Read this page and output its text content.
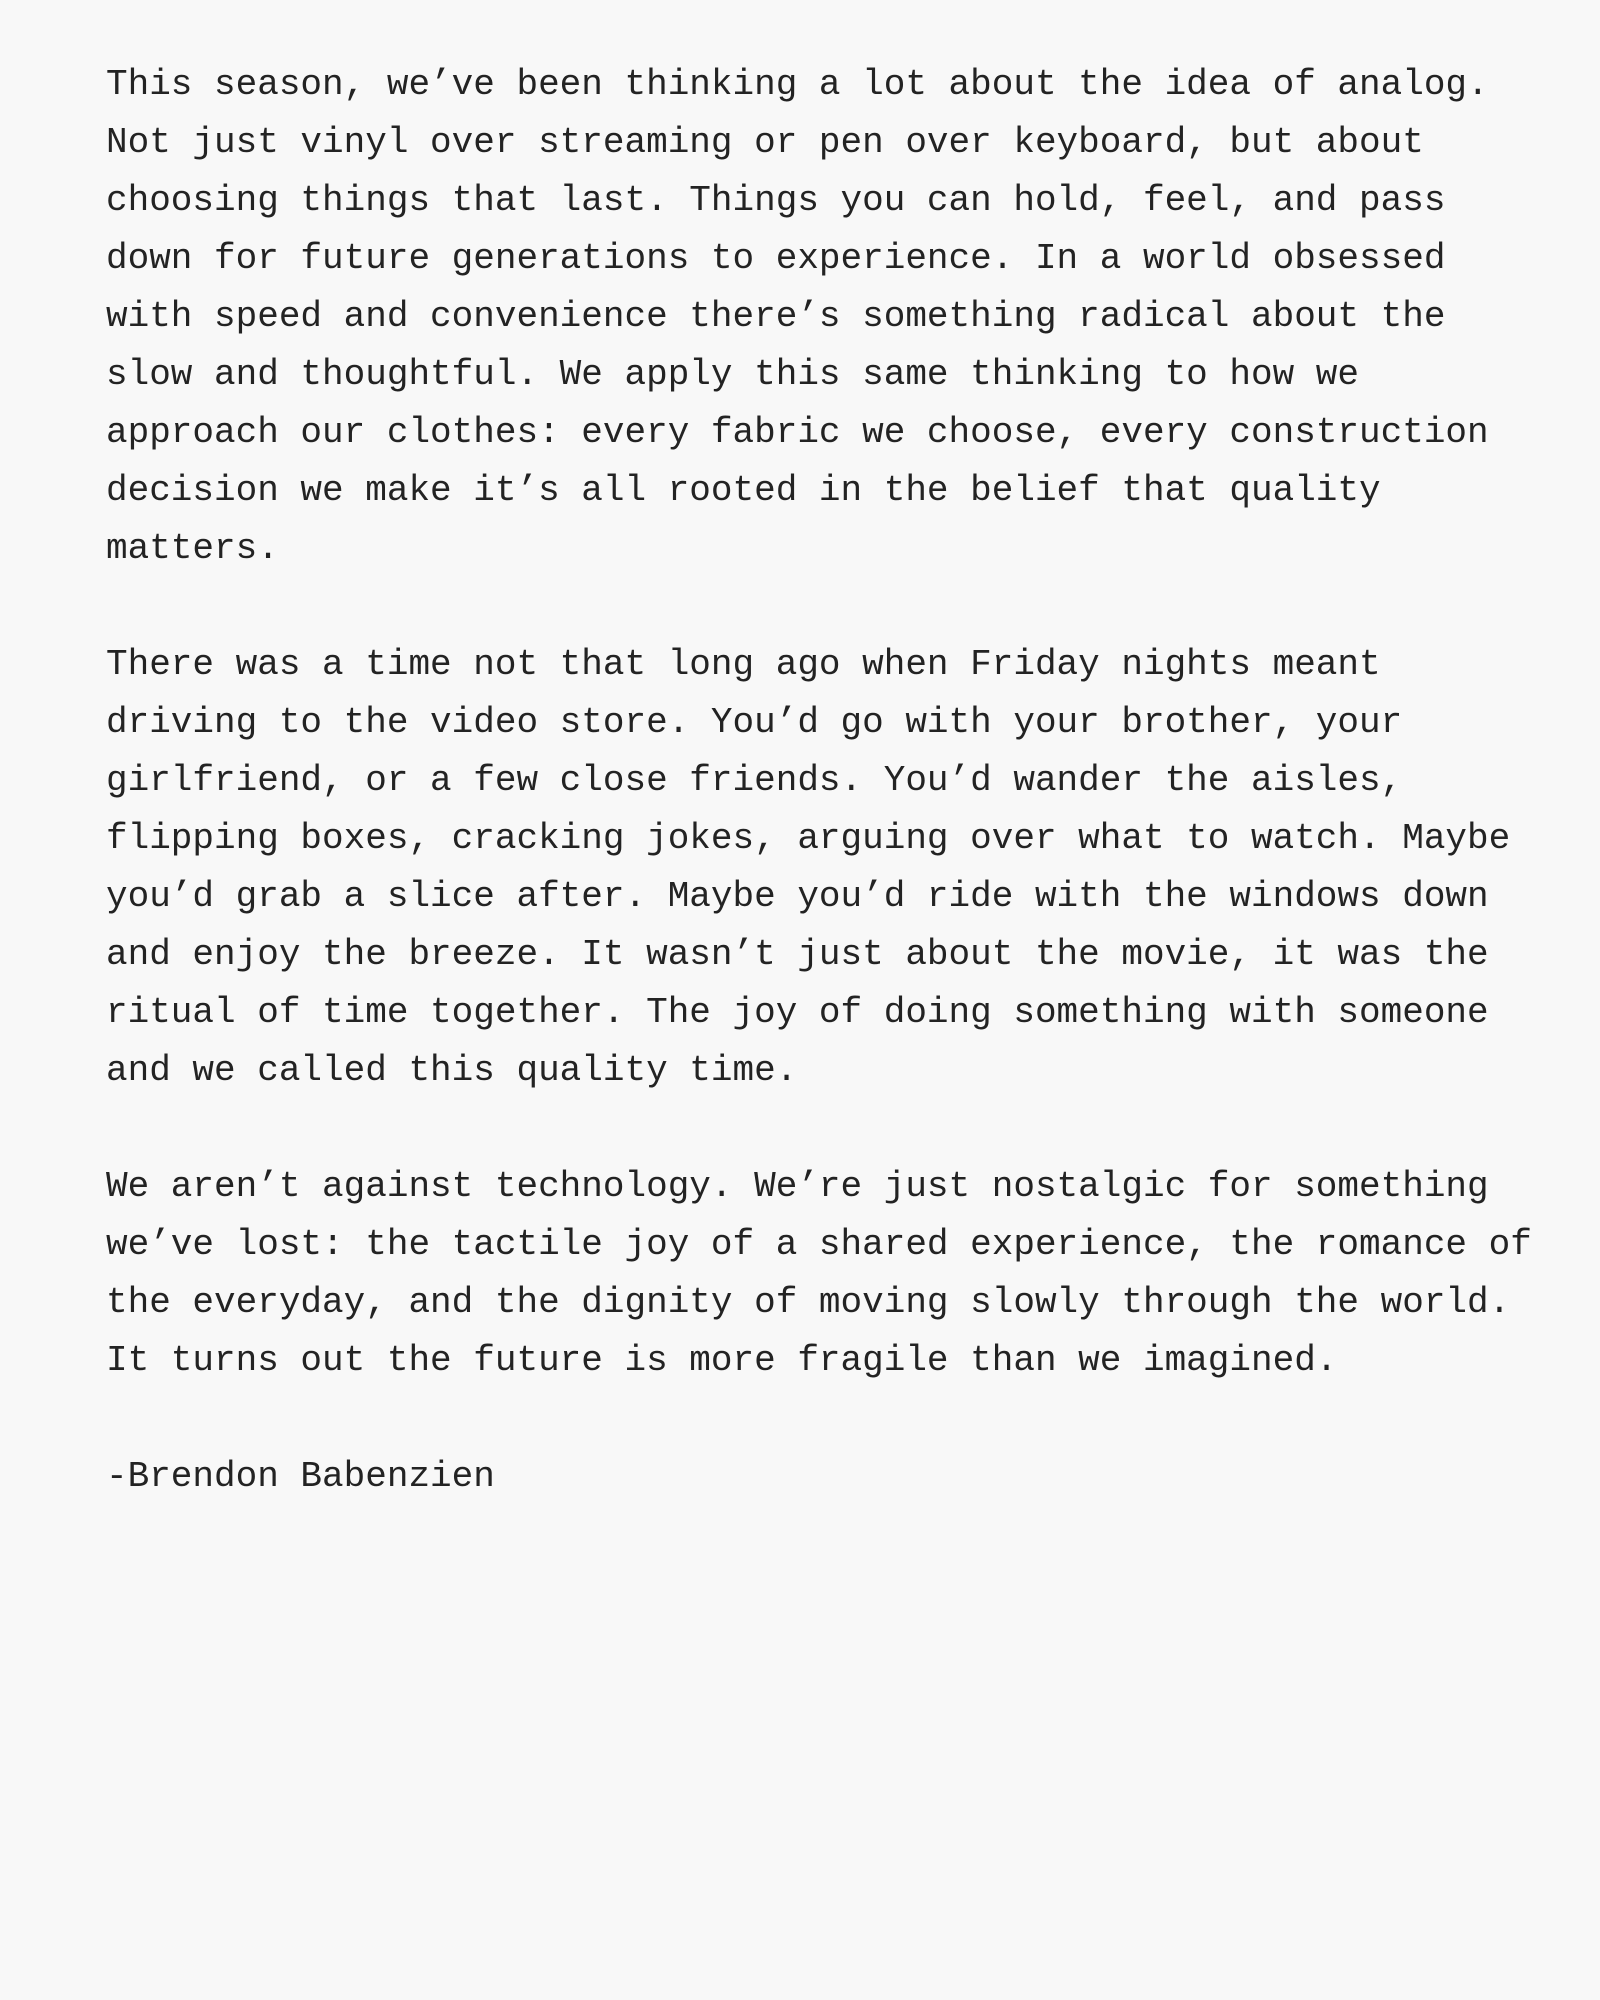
This season, we’ve been thinking a lot about the idea of analog.
Not just vinyl over streaming or pen over keyboard, but about
choosing things that last. Things you can hold, feel, and pass
down for future generations to experience. In a world obsessed
with speed and convenience there’s something radical about the
slow and thoughtful. We apply this same thinking to how we
approach our clothes: every fabric we choose, every construction
decision we make it’s all rooted in the belief that quality
matters.
There was a time not that long ago when Friday nights meant
driving to the video store. You’d go with your brother, your
girlfriend, or a few close friends. You’d wander the aisles,
flipping boxes, cracking jokes, arguing over what to watch. Maybe
you’d grab a slice after. Maybe you’d ride with the windows down
and enjoy the breeze. It wasn’t just about the movie, it was the
ritual of time together. The joy of doing something with someone
and we called this quality time.
We aren’t against technology. We’re just nostalgic for something
we’ve lost: the tactile joy of a shared experience, the romance of
the everyday, and the dignity of moving slowly through the world.
It turns out the future is more fragile than we imagined.
-Brendon Babenzien
